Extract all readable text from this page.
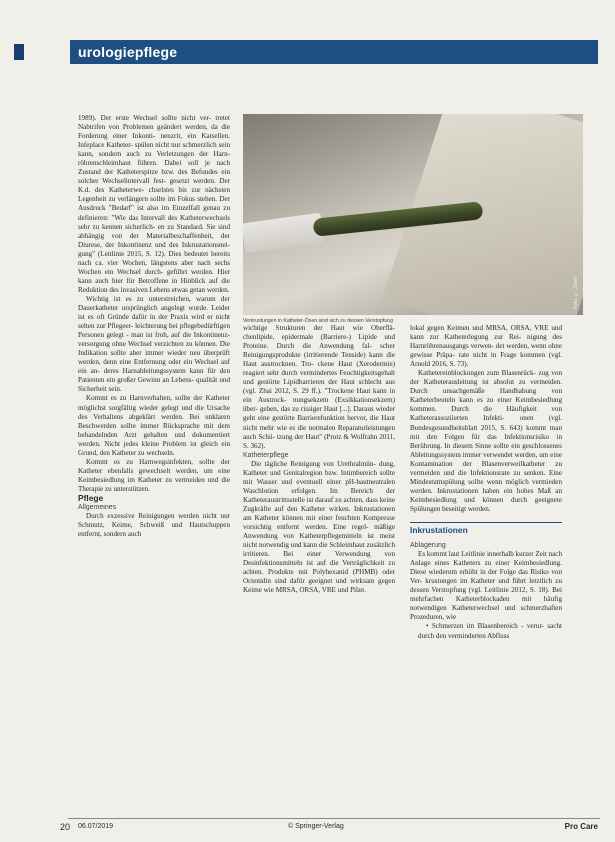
urologiepflege

1989). Der erste Wechsel sollte nicht ver- tretet Nabtrifen von Problemen geändert werden, da die Forderung einer Inkonti- nenzrit, ein Katsellen. Infeplace Katheter- spülen nicht nur schmerzlich sein kann, sondern auch zu Verletzungen der Harn- röhrenschleimhaut führen. Dabei soll je nach Zustand der Katheterspitze bzw. des Befundes ein solcher Wechselintervall fest- gesetzt werden. Der K.d. des Katheterwe- chselstes bis zur nächsten Legenheit zu verlängern sollte im Fokus stehen. Der Ausdruck "Bedarf" ist also im Einzelfall genau zu definieren: "Wie das Intervall des Katheterwechsels sehr zu kennen sicherlich- en zu Standard. Sie sind abhängig von der Materialbeschaffenheit, der Diurese, der Inkontinenz und des Inkrustationsnei- gung" (Leitlinie 2015, S. 12). Dies bedeutet bereits nach ca. vier Wochen, längstens aber nach sechs Wochen ein Wechsel durch- geführt werden. Hier kann auch hier für Betroffene in Hinblick auf die Reduktion des invasiven Lebens etwas getan werden.

Wichtig ist es zu unterstreichen, warum der Dauerkatheter ursprünglich angelegt wurde. Leider ist es oft Gründe dafür in der Praxis wird er nicht selten zur Pflegeer- leichterung bei pflegebedürftigen Personen gelegt - man ist froh, auf die Inkontinenz- versorgung ohne Wechsel verzichten zu können. Die Indikation sollte aber immer wieder neu überprüft werden, denn eine Entfernung oder ein Wechsel auf ein an- deres Harnableitungssystem kann für den Patienten ein großer Gewinn an Lebens- qualität und Sicherheit sein.

Kommt es zu Harnverhalten, sollte der Katheter möglichst sorgfältig wieder gelegt und die Ursache des Verhaltens abgeklärt werden. Bei unklaren Beschwerden sollte immer Rücksprache mit dem behandelnden Arzt gehalten und dokumentiert werden. Nicht jedes kleine Problem ist gleich ein Grund, den Katheter zu wechseln.

Kommt es zu Harnwegsinfekten, sollte der Katheter ebenfalls gewechselt werden, um eine Keimbesiedlung im Katheter zu vermeiden und die Therapie zu unterstützen.

Pflege

Allgemeines

Durch exzessive Reinigungen werden nicht nur Schmutz, Keime, Schweiß und Hautschuppen entfernt, sondern auch

Foto: © Ziwet
Verkrustungen in Katheter-Ösen sind sich zu dessen Verstopfung

wichtige Strukturen der Haut wie Oberflä- chenlipide, epidermale (Barriere-) Lipide und Proteine. Durch die Anwendung fal- scher Reinigungsprodukte (irritierende Tenside) kann die Haut austrocknen. Tro- ckene Haut (Xerodermie) reagiert sehr durch vermindertes Feuchtigkeitsgehalt und gestörte Lipidbarrieren der Haut schlecht aus (vgl. Zhai 2012, S. 29 ff.). "Trockene Haut kann in ein Austrock- nungsekzem (Exsikkationsekzem) über- gehen, das zu rissiger Haut [...]. Daraus wieder geht eine gestörte Barrierefunktion hervor, die Haut nicht mehr wie es die normalen Reparaturleistungen auch Schü- tzung der Haut" (Protz & Wolfrahn 2011, S. 362).

Katheterpflege

Die tägliche Reinigung von Urethralmün- dung, Katheter und Genitalregion bzw. Intimbereich sollte mit Wasser und eventuell einer pH-hautneutralen Waschlotion erfolgen. Im Bereich der Katheteraustrittsstelle ist darauf zu achten, dass keine Zugkräfte auf den Katheter wirken. Inkrustationen am Katheter können mit einer feuchten Kompresse vorsichtig entfernt werden. Eine regel- mäßige Anwendung von Katheterpflegemitteln ist meist nicht notwendig und kann die Schleimhaut zusätzlich irritieren. Bei einer Verwendung von Desinfektionsmitteln ist auf die Verträglichkeit zu achten. Produkte mit Polyhexanid (PHMB) oder Octenidin sind dafür geeignet und wirksam gegen Keime wie MRSA, ORSA, VRE und Pilze.

lokal gegen Keimen und MRSA, ORSA, VRE und kann zur Katheterlegung zur Rei- nigung des Harnröhrenausgangs verwen- det werden, wenn ohne gewisse Präpa- rate nicht in Frage kommen (vgl. Arnold 2016, S. 73).

Kathetereinblockungen zum Blasenrück- zug von der Katheterausleitung ist absolut zu vermeiden. Durch unsachgemäße Handhabung von Katheterbeuteln kann es zu einer Keimbesiedlung kommen. Durch die Häufigkeit von Katheterassoziierten Infekti- onen (vgl. Bundesgesundheitsblatt 2015, S. 643) kommt man mit den Folgen für das Infektionsrisiko in Berührung. In diesem Sinne sollte ein geschlossenes Ableitungssystem immer verwendet werden, um eine Kontamination der Blasenverweilkatheter zu vermeiden und die Infektionsrate zu senken. Eine Mindestumspülung sollte wenn möglich vermieden werden. Inkrustationen haben ein hohes Maß an Keimbesiedlung und können durch geeignete Spülungen beseitigt werden.

Inkrustationen

Ablagerung

Es kommt laut Leitlinie innerhalb kurzer Zeit nach Anlage eines Katheters zu einer Keimbesiedlung. Diese wiederum erhöht in der Folge das Risiko von Ver- krustungen im Katheter und führt letztlich zu dessen Verstopfung (vgl. Leitlinie 2012, S. 18). Bei mehrfachen Katheterblockaden mit häufig notwendigen Katheterwechsel und schmerzhaften Prozeduren, wie

• Schmerzen im Blasenbereich - verur- sacht durch den verminderten Abfluss

20 06.07/2019	© Springer-Verlag	Pro Care
